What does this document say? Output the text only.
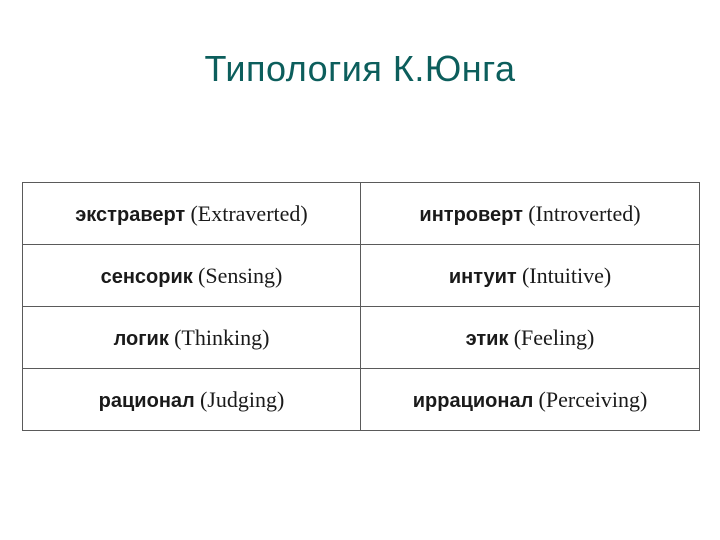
Типология К.Юнга
экстраверт (Extraverted)	интроверт (Introverted)
сенсорик (Sensing)	интуит (Intuitive)
логик (Thinking)	этик (Feeling)
рационал (Judging)	иррационал (Perceiving)
